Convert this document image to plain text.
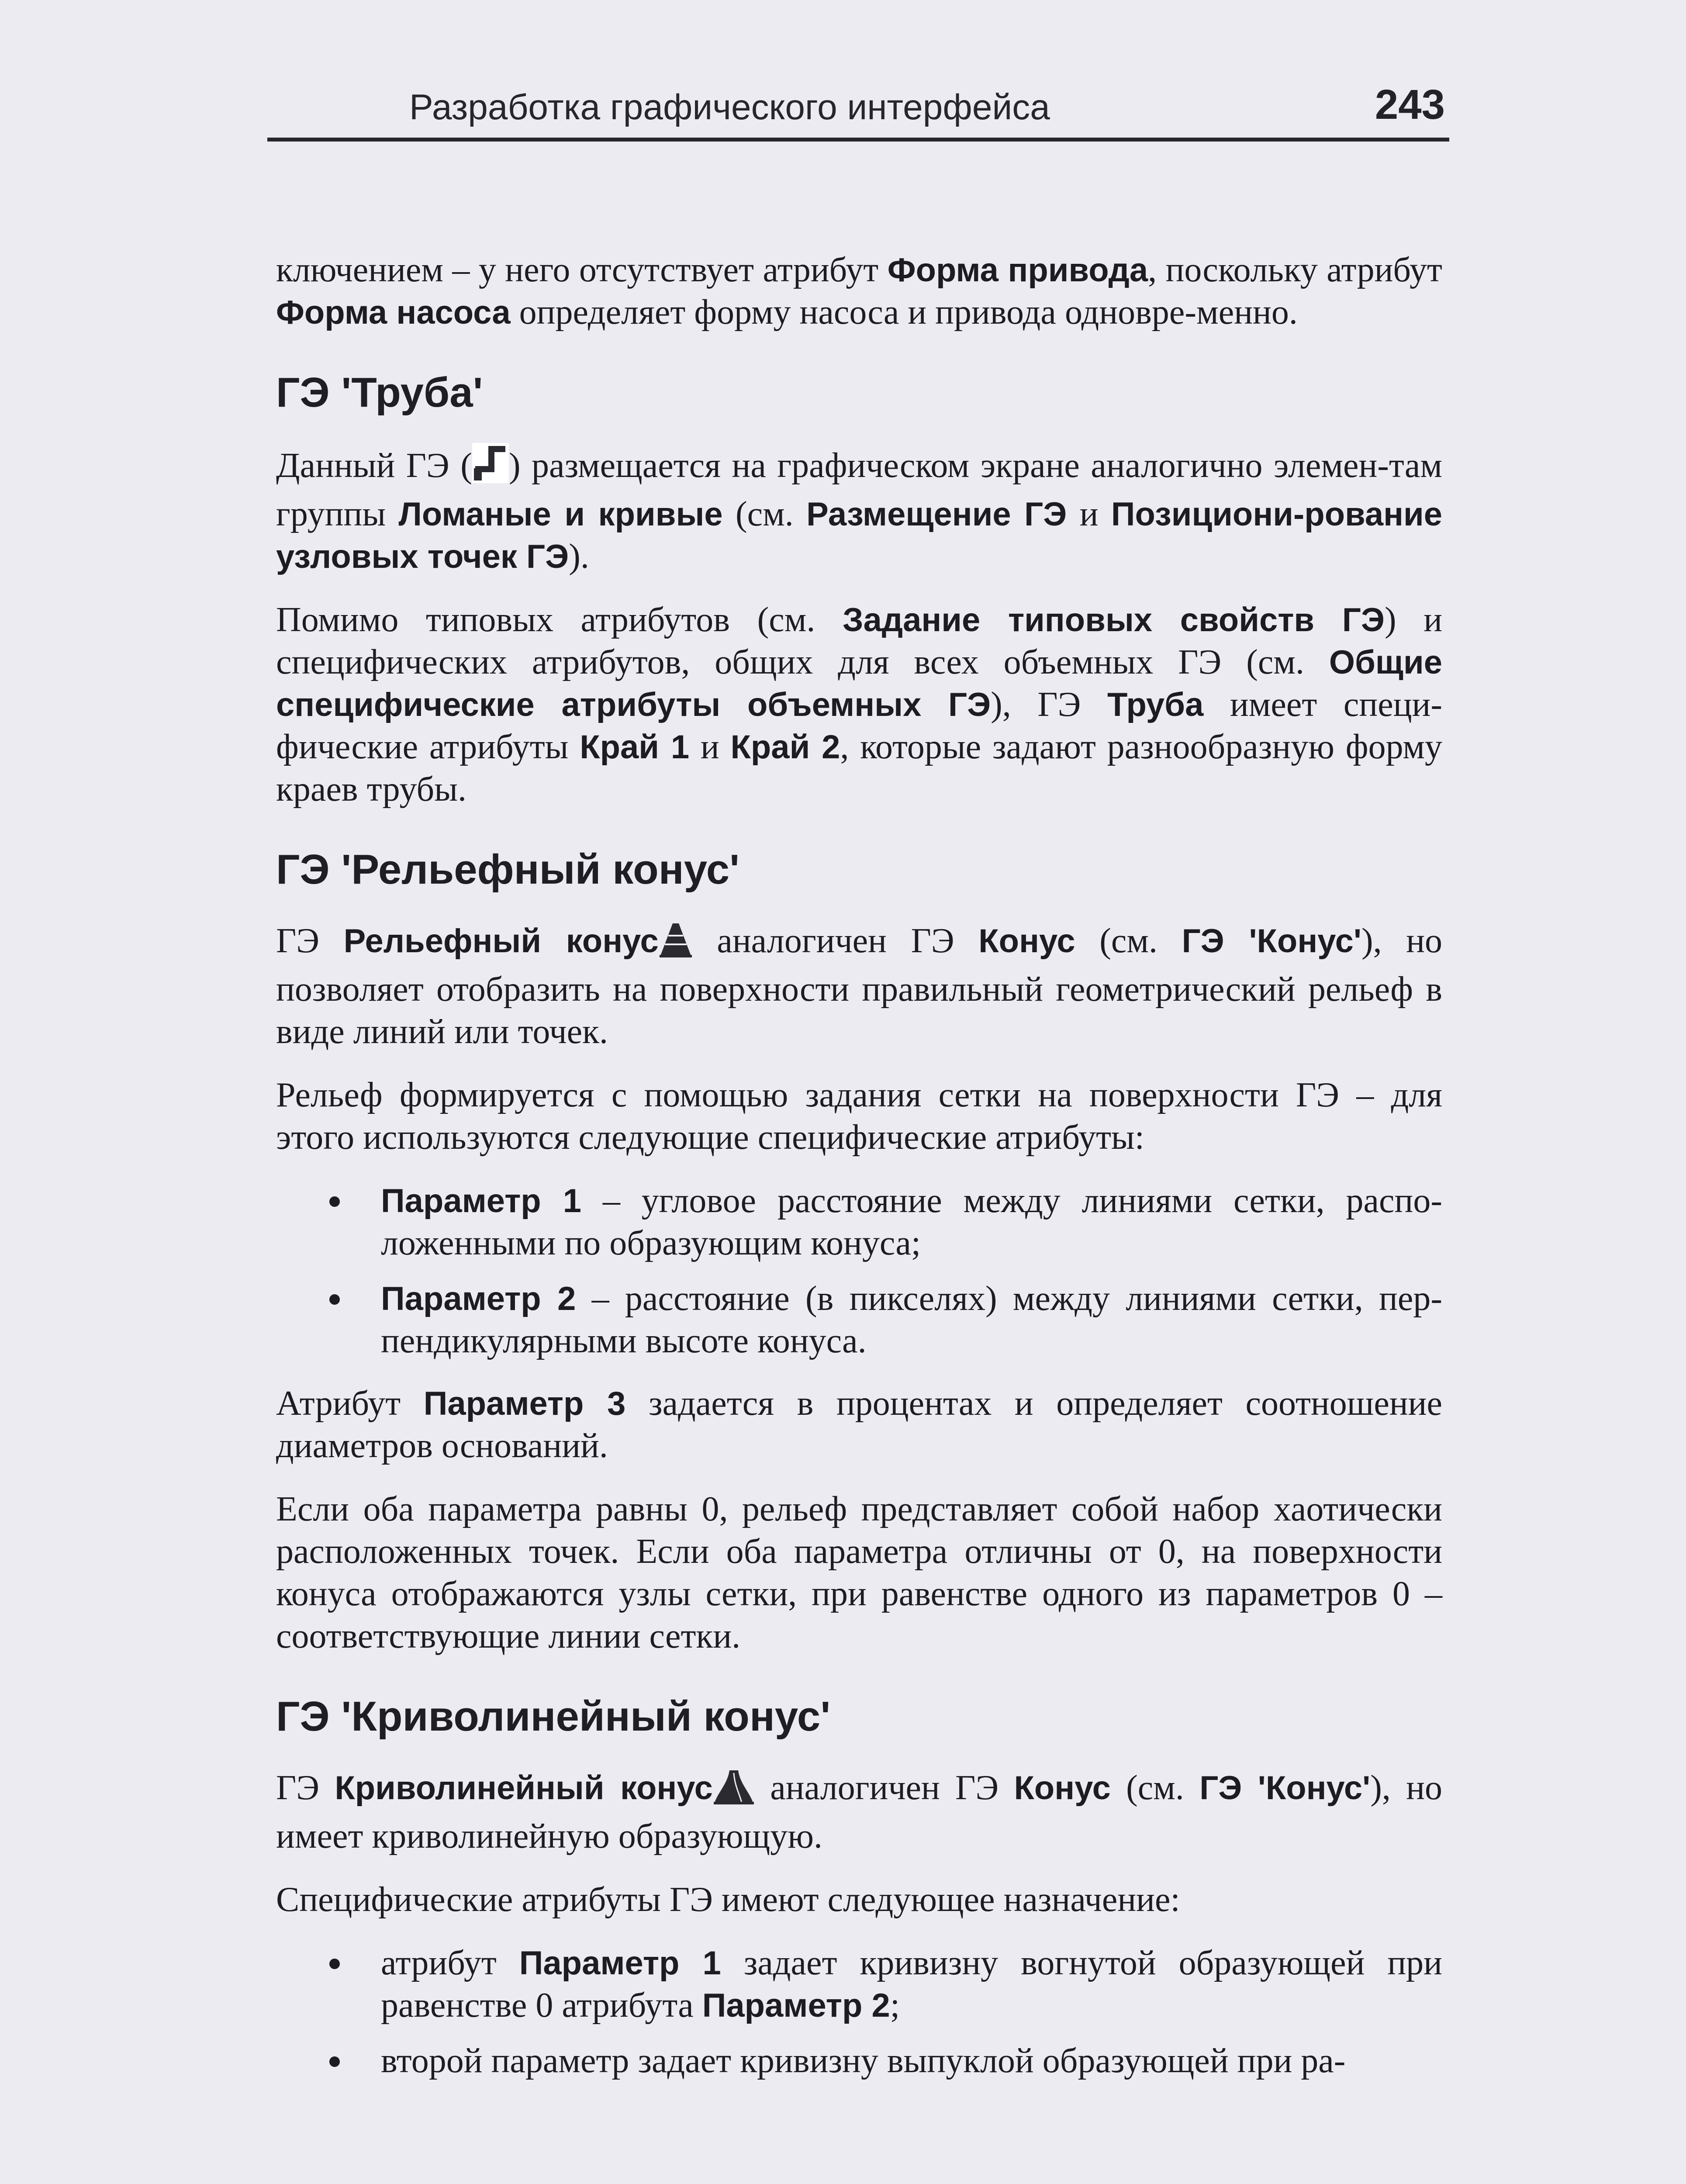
Разработка графического интерфейса	243

ключением – у него отсутствует атрибут Форма привода, поскольку атрибут Форма насоса определяет форму насоса и привода одновре-менно.

ГЭ 'Труба'

Данный ГЭ ( ) размещается на графическом экране аналогично элемен-там группы Ломаные и кривые (см. Размещение ГЭ и Позициони-рование узловых точек ГЭ).

Помимо типовых атрибутов (см. Задание типовых свойств ГЭ) и специфических атрибутов, общих для всех объемных ГЭ (см. Общие специфические атрибуты объемных ГЭ), ГЭ Труба имеет специ-фические атрибуты Край 1 и Край 2, которые задают разнообразную форму краев трубы.

ГЭ 'Рельефный конус'

ГЭ Рельефный конус аналогичен ГЭ Конус (см. ГЭ 'Конус'), но позволяет отобразить на поверхности правильный геометрический рельеф в виде линий или точек.

Рельеф формируется с помощью задания сетки на поверхности ГЭ – для этого используются следующие специфические атрибуты:

Параметр 1 – угловое расстояние между линиями сетки, распо-ложенными по образующим конуса;
Параметр 2 – расстояние (в пикселях) между линиями сетки, пер-пендикулярными высоте конуса.

Атрибут Параметр 3 задается в процентах и определяет соотношение диаметров оснований.

Если оба параметра равны 0, рельеф представляет собой набор хаотически расположенных точек. Если оба параметра отличны от 0, на поверхности конуса отображаются узлы сетки, при равенстве одного из параметров 0 – соответствующие линии сетки.

ГЭ 'Криволинейный конус'

ГЭ Криволинейный конус аналогичен ГЭ Конус (см. ГЭ 'Конус'), но имеет криволинейную образующую.

Специфические атрибуты ГЭ имеют следующее назначение:

атрибут Параметр 1 задает кривизну вогнутой образующей при равенстве 0 атрибута Параметр 2;
второй параметр задает кривизну выпуклой образующей при ра-
